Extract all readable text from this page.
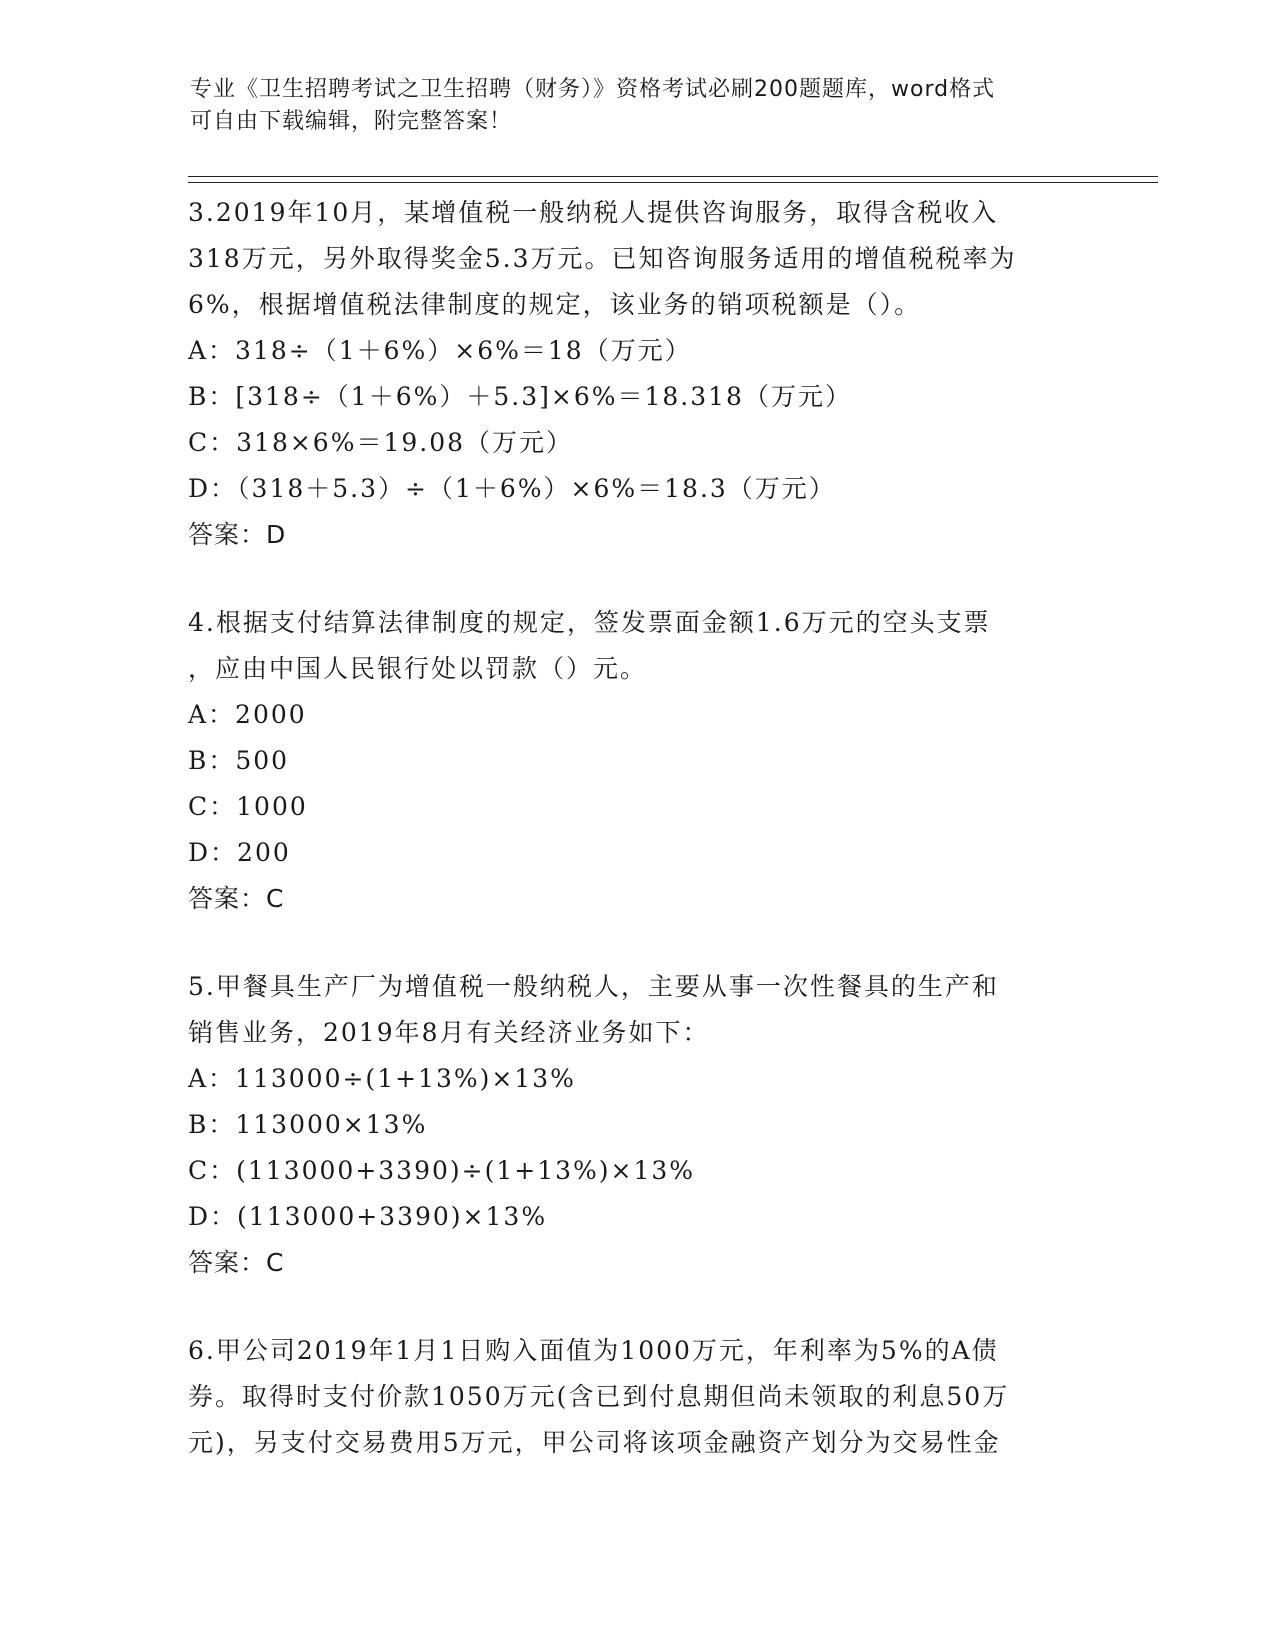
专业《卫生招聘考试之卫生招聘（财务）》资格考试必刷200题题库，word格式
可自由下载编辑，附完整答案！
3.2019年10月，某增值税一般纳税人提供咨询服务，取得含税收入
318万元，另外取得奖金5.3万元。已知咨询服务适用的增值税税率为
6%，根据增值税法律制度的规定，该业务的销项税额是（）。
A：318÷（1＋6%）×6%＝18（万元）
B：[318÷（1＋6%）＋5.3]×6%＝18.318（万元）
C：318×6%＝19.08（万元）
D：（318＋5.3）÷（1＋6%）×6%＝18.3（万元）
答案：D
4.根据支付结算法律制度的规定，签发票面金额1.6万元的空头支票
，应由中国人民银行处以罚款（）元。
A：2000
B：500
C：1000
D：200
答案：C
5.甲餐具生产厂为增值税一般纳税人，主要从事一次性餐具的生产和
销售业务，2019年8月有关经济业务如下：
A：113000÷(1+13%)×13%
B：113000×13%
C：(113000+3390)÷(1+13%)×13%
D：(113000+3390)×13%
答案：C
6.甲公司2019年1月1日购入面值为1000万元，年利率为5%的A债
券。取得时支付价款1050万元(含已到付息期但尚未领取的利息50万
元)，另支付交易费用5万元，甲公司将该项金融资产划分为交易性金
